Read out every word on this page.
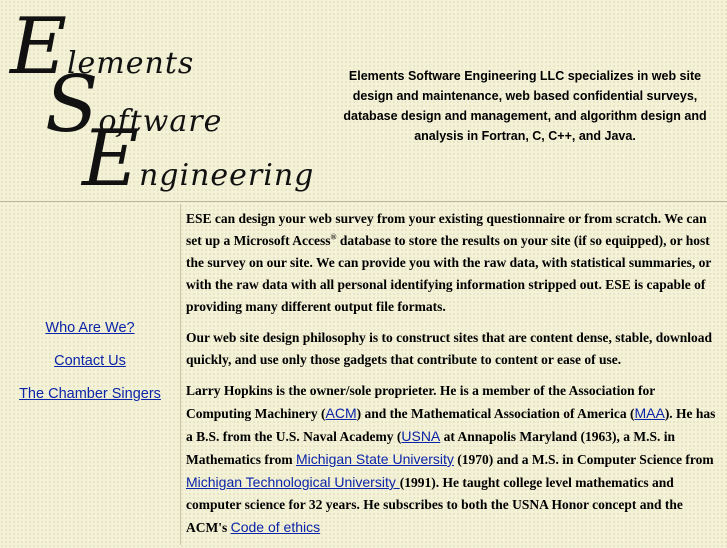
Elements
Software
Engineering
Elements Software Engineering LLC specializes in web site design and maintenance, web based confidential surveys, database design and management, and algorithm design and analysis in Fortran, C, C++, and Java.
Who Are We?
Contact Us
The Chamber Singers

ESE can design your web survey from your existing questionnaire or from scratch. We can set up a Microsoft Access® database to store the results on your site (if so equipped), or host the survey on our site. We can provide you with the raw data, with statistical summaries, or with the raw data with all personal identifying information stripped out. ESE is capable of providing many different output file formats.

Our web site design philosophy is to construct sites that are content dense, stable, download quickly, and use only those gadgets that contribute to content or ease of use.

Larry Hopkins is the owner/sole proprieter. He is a member of the Association for Computing Machinery (ACM) and the Mathematical Association of America (MAA). He has a B.S. from the U.S. Naval Academy (USNA at Annapolis Maryland (1963), a M.S. in Mathematics from Michigan State University (1970) and a M.S. in Computer Science from Michigan Technological University (1991). He taught college level mathematics and computer science for 32 years. He subscribes to both the USNA Honor concept and the ACM's Code of ethics
